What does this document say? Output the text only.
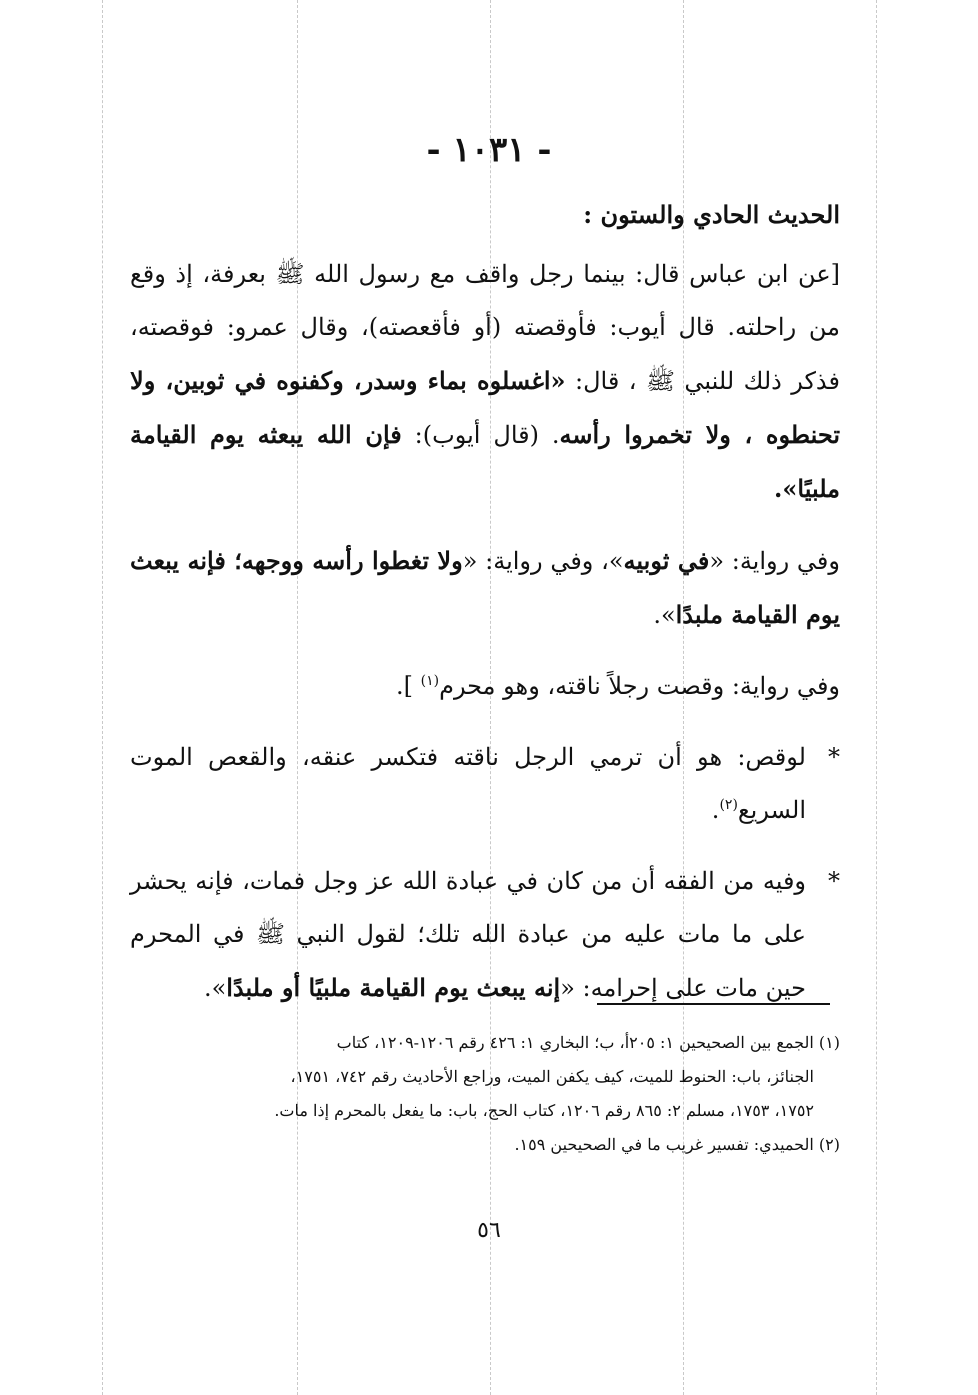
- ١٠٣١ -
الحديث الحادي والستون :

[عن ابن عباس قال: بينما رجل واقف مع رسول الله ﷺ بعرفة، إذ وقع من راحلته. قال أيوب: فأوقصته (أو فأقعصته)، وقال عمرو: فوقصته، فذكر ذلك للنبي ﷺ ، قال: «اغسلوه بماء وسدر، وكفنوه في ثوبين، ولا تحنطوه ، ولا تخمروا رأسه. (قال أيوب): فإن الله يبعثه يوم القيامة ملبيًا».

وفي رواية: «في ثوبيه»، وفي رواية: «ولا تغطوا رأسه ووجهه؛ فإنه يبعث يوم القيامة ملبدًا».

وفي رواية: وقصت رجلاً ناقته، وهو محرم$^{(١)}$ ].

*
لوقص: هو أن ترمي الرجل ناقته فتكسر عنقه، والقعص الموت السريع$^{(٢)}$.

*
وفيه من الفقه أن من كان في عبادة الله عز وجل فمات، فإنه يحشر على ما مات عليه من عبادة الله تلك؛ لقول النبي ﷺ في المحرم حين مات على إحرامه: «إنه يبعث يوم القيامة ملبيًا أو ملبدًا».

(١) الجمع بين الصحيحين ١: ٢٠٥أ، ب؛ البخاري ١: ٤٢٦ رقم ١٢٠٦-١٢٠٩، كتاب

الجنائز، باب: الحنوط للميت، كيف يكفن الميت، وراجع الأحاديث رقم ٧٤٢، ١٧٥١،

١٧٥٢، ١٧٥٣، مسلم ٢: ٨٦٥ رقم ١٢٠٦، كتاب الحج، باب: ما يفعل بالمحرم إذا مات.

(٢) الحميدي: تفسير غريب ما في الصحيحين ١٥٩.

٥٦
